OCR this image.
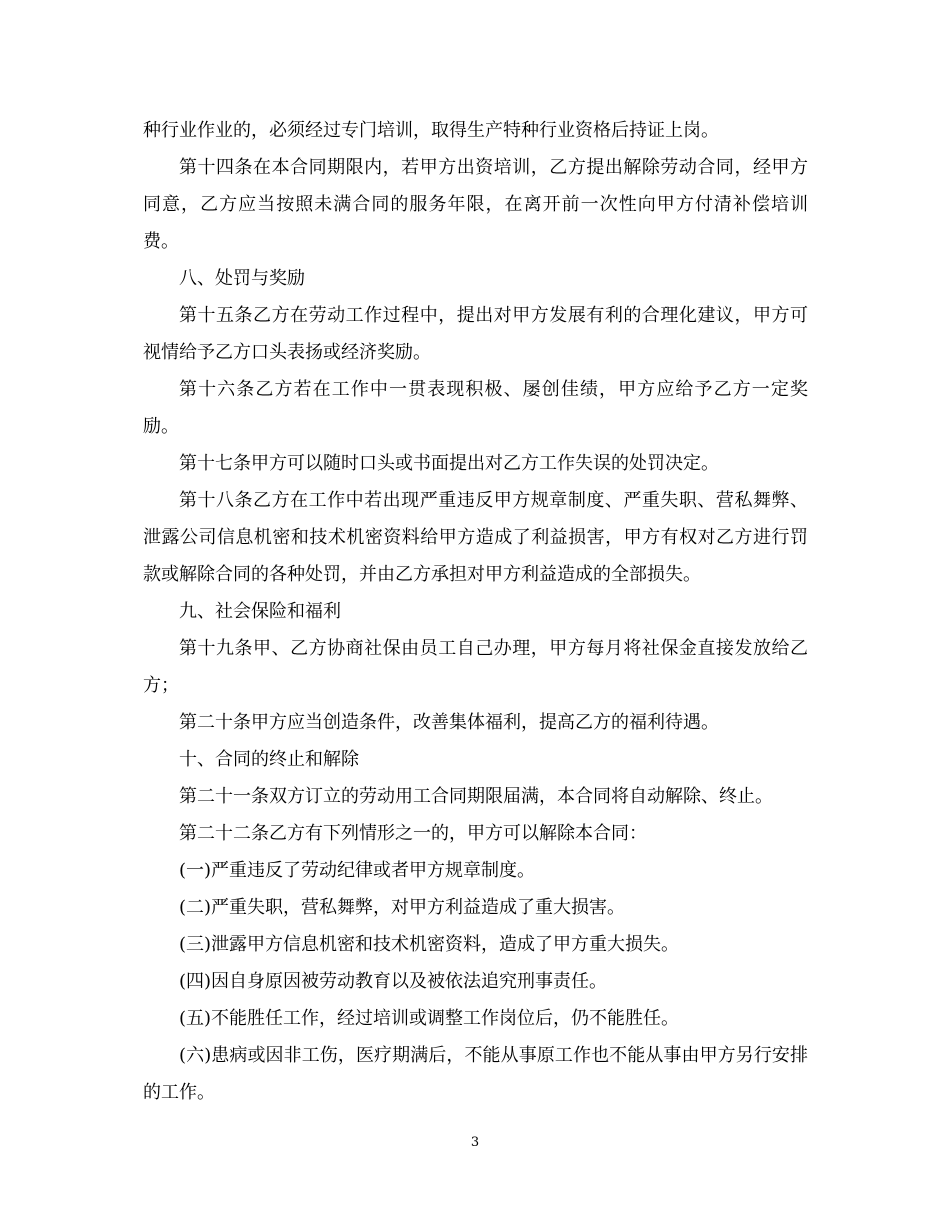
种行业作业的，必须经过专门培训，取得生产特种行业资格后持证上岗。

第十四条在本合同期限内，若甲方出资培训，乙方提出解除劳动合同，经甲方同意，乙方应当按照未满合同的服务年限，在离开前一次性向甲方付清补偿培训费。

八、处罚与奖励

第十五条乙方在劳动工作过程中，提出对甲方发展有利的合理化建议，甲方可视情给予乙方口头表扬或经济奖励。

第十六条乙方若在工作中一贯表现积极、屡创佳绩，甲方应给予乙方一定奖励。

第十七条甲方可以随时口头或书面提出对乙方工作失误的处罚决定。

第十八条乙方在工作中若出现严重违反甲方规章制度、严重失职、营私舞弊、泄露公司信息机密和技术机密资料给甲方造成了利益损害，甲方有权对乙方进行罚款或解除合同的各种处罚，并由乙方承担对甲方利益造成的全部损失。

九、社会保险和福利

第十九条甲、乙方协商社保由员工自己办理，甲方每月将社保金直接发放给乙方；

第二十条甲方应当创造条件，改善集体福利，提高乙方的福利待遇。

十、合同的终止和解除

第二十一条双方订立的劳动用工合同期限届满，本合同将自动解除、终止。

第二十二条乙方有下列情形之一的，甲方可以解除本合同：

(一)严重违反了劳动纪律或者甲方规章制度。

(二)严重失职，营私舞弊，对甲方利益造成了重大损害。

(三)泄露甲方信息机密和技术机密资料，造成了甲方重大损失。

(四)因自身原因被劳动教育以及被依法追究刑事责任。

(五)不能胜任工作，经过培训或调整工作岗位后，仍不能胜任。

(六)患病或因非工伤，医疗期满后，不能从事原工作也不能从事由甲方另行安排的工作。

3
